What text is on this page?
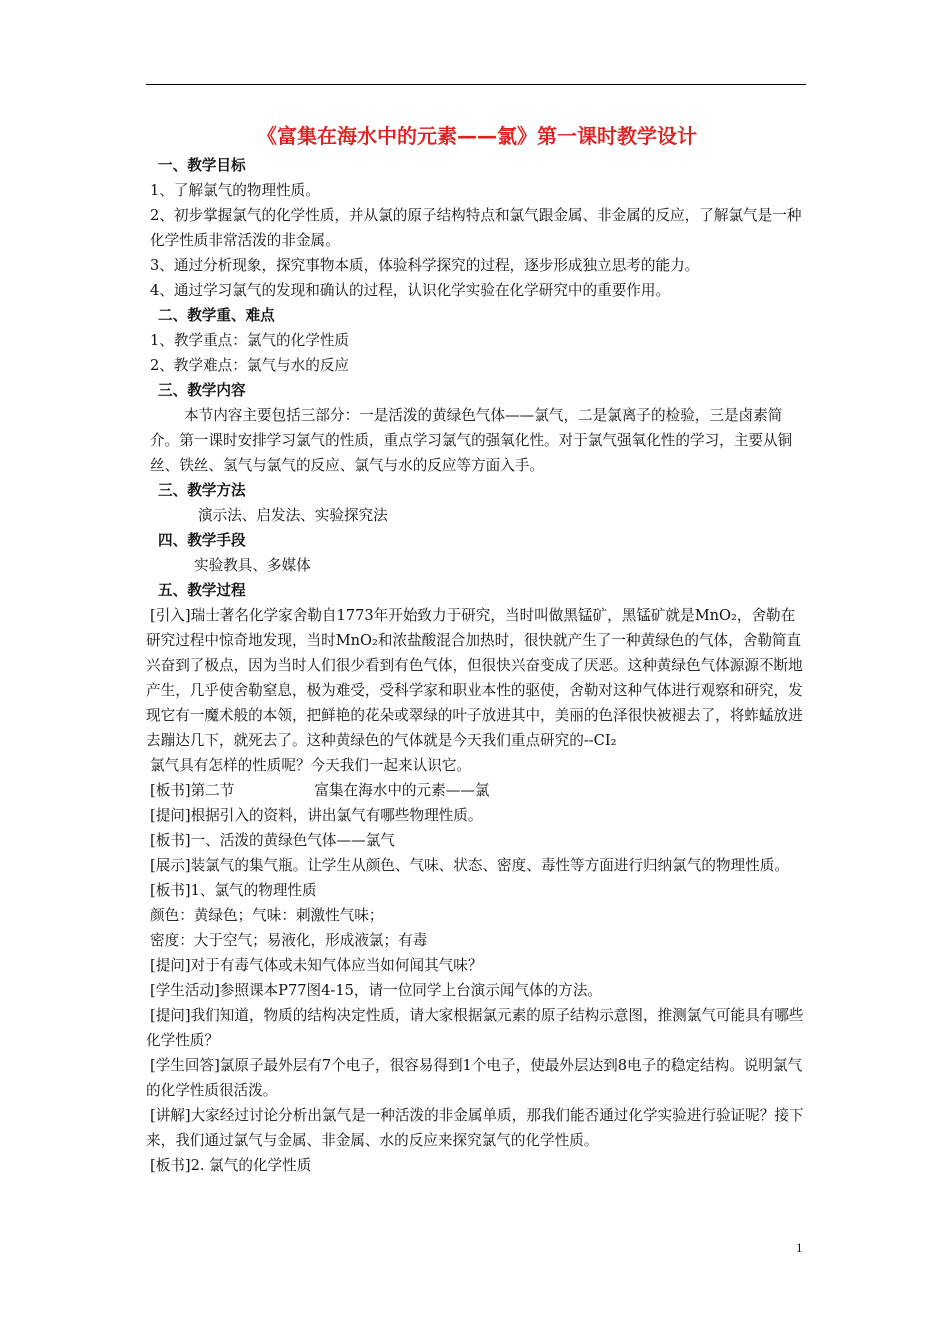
《富集在海水中的元素——氯》第一课时教学设计
一、教学目标
1、了解氯气的物理性质。
2、初步掌握氯气的化学性质，并从氯的原子结构特点和氯气跟金属、非金属的反应，了解氯气是一种化学性质非常活泼的非金属。
3、通过分析现象，探究事物本质，体验科学探究的过程，逐步形成独立思考的能力。
4、通过学习氯气的发现和确认的过程，认识化学实验在化学研究中的重要作用。
二、教学重、难点
1、教学重点：氯气的化学性质
2、教学难点：氯气与水的反应
三、教学内容
本节内容主要包括三部分：一是活泼的黄绿色气体——氯气，二是氯离子的检验，三是卤素简介。第一课时安排学习氯气的性质，重点学习氯气的强氧化性。对于氯气强氧化性的学习，主要从铜丝、铁丝、氢气与氯气的反应、氯气与水的反应等方面入手。
三、教学方法
演示法、启发法、实验探究法
四、教学手段
实验教具、多媒体
五、教学过程
[引入]瑞士著名化学家舍勒自1773年开始致力于研究，当时叫做黑锰矿，黑锰矿就是MnO₂，舍勒在研究过程中惊奇地发现，当时MnO₂和浓盐酸混合加热时，很快就产生了一种黄绿色的气体，舍勒简直兴奋到了极点，因为当时人们很少看到有色气体，但很快兴奋变成了厌恶。这种黄绿色气体源源不断地产生，几乎使舍勒窒息，极为难受，受科学家和职业本性的驱使，舍勒对这种气体进行观察和研究，发现它有一魔术般的本领，把鲜艳的花朵或翠绿的叶子放进其中，美丽的色泽很快被褪去了，将蚱蜢放进去蹦达几下，就死去了。这种黄绿色的气体就是今天我们重点研究的--CI₂
氯气具有怎样的性质呢？今天我们一起来认识它。
[板书]第二节	富集在海水中的元素——氯
[提问]根据引入的资料，讲出氯气有哪些物理性质。
[板书]一、活泼的黄绿色气体——氯气
[展示]装氯气的集气瓶。让学生从颜色、气味、状态、密度、毒性等方面进行归纳氯气的物理性质。
[板书]1、氯气的物理性质
颜色：黄绿色；气味：刺激性气味；
密度：大于空气；易液化，形成液氯；有毒
[提问]对于有毒气体或未知气体应当如何闻其气味？
[学生活动]参照课本P77图4-15，请一位同学上台演示闻气体的方法。
[提问]我们知道，物质的结构决定性质，请大家根据氯元素的原子结构示意图，推测氯气可能具有哪些化学性质？
[学生回答]氯原子最外层有7个电子，很容易得到1个电子，使最外层达到8电子的稳定结构。说明氯气的化学性质很活泼。
[讲解]大家经过讨论分析出氯气是一种活泼的非金属单质，那我们能否通过化学实验进行验证呢？接下来，我们通过氯气与金属、非金属、水的反应来探究氯气的化学性质。
[板书]2. 氯气的化学性质
1
